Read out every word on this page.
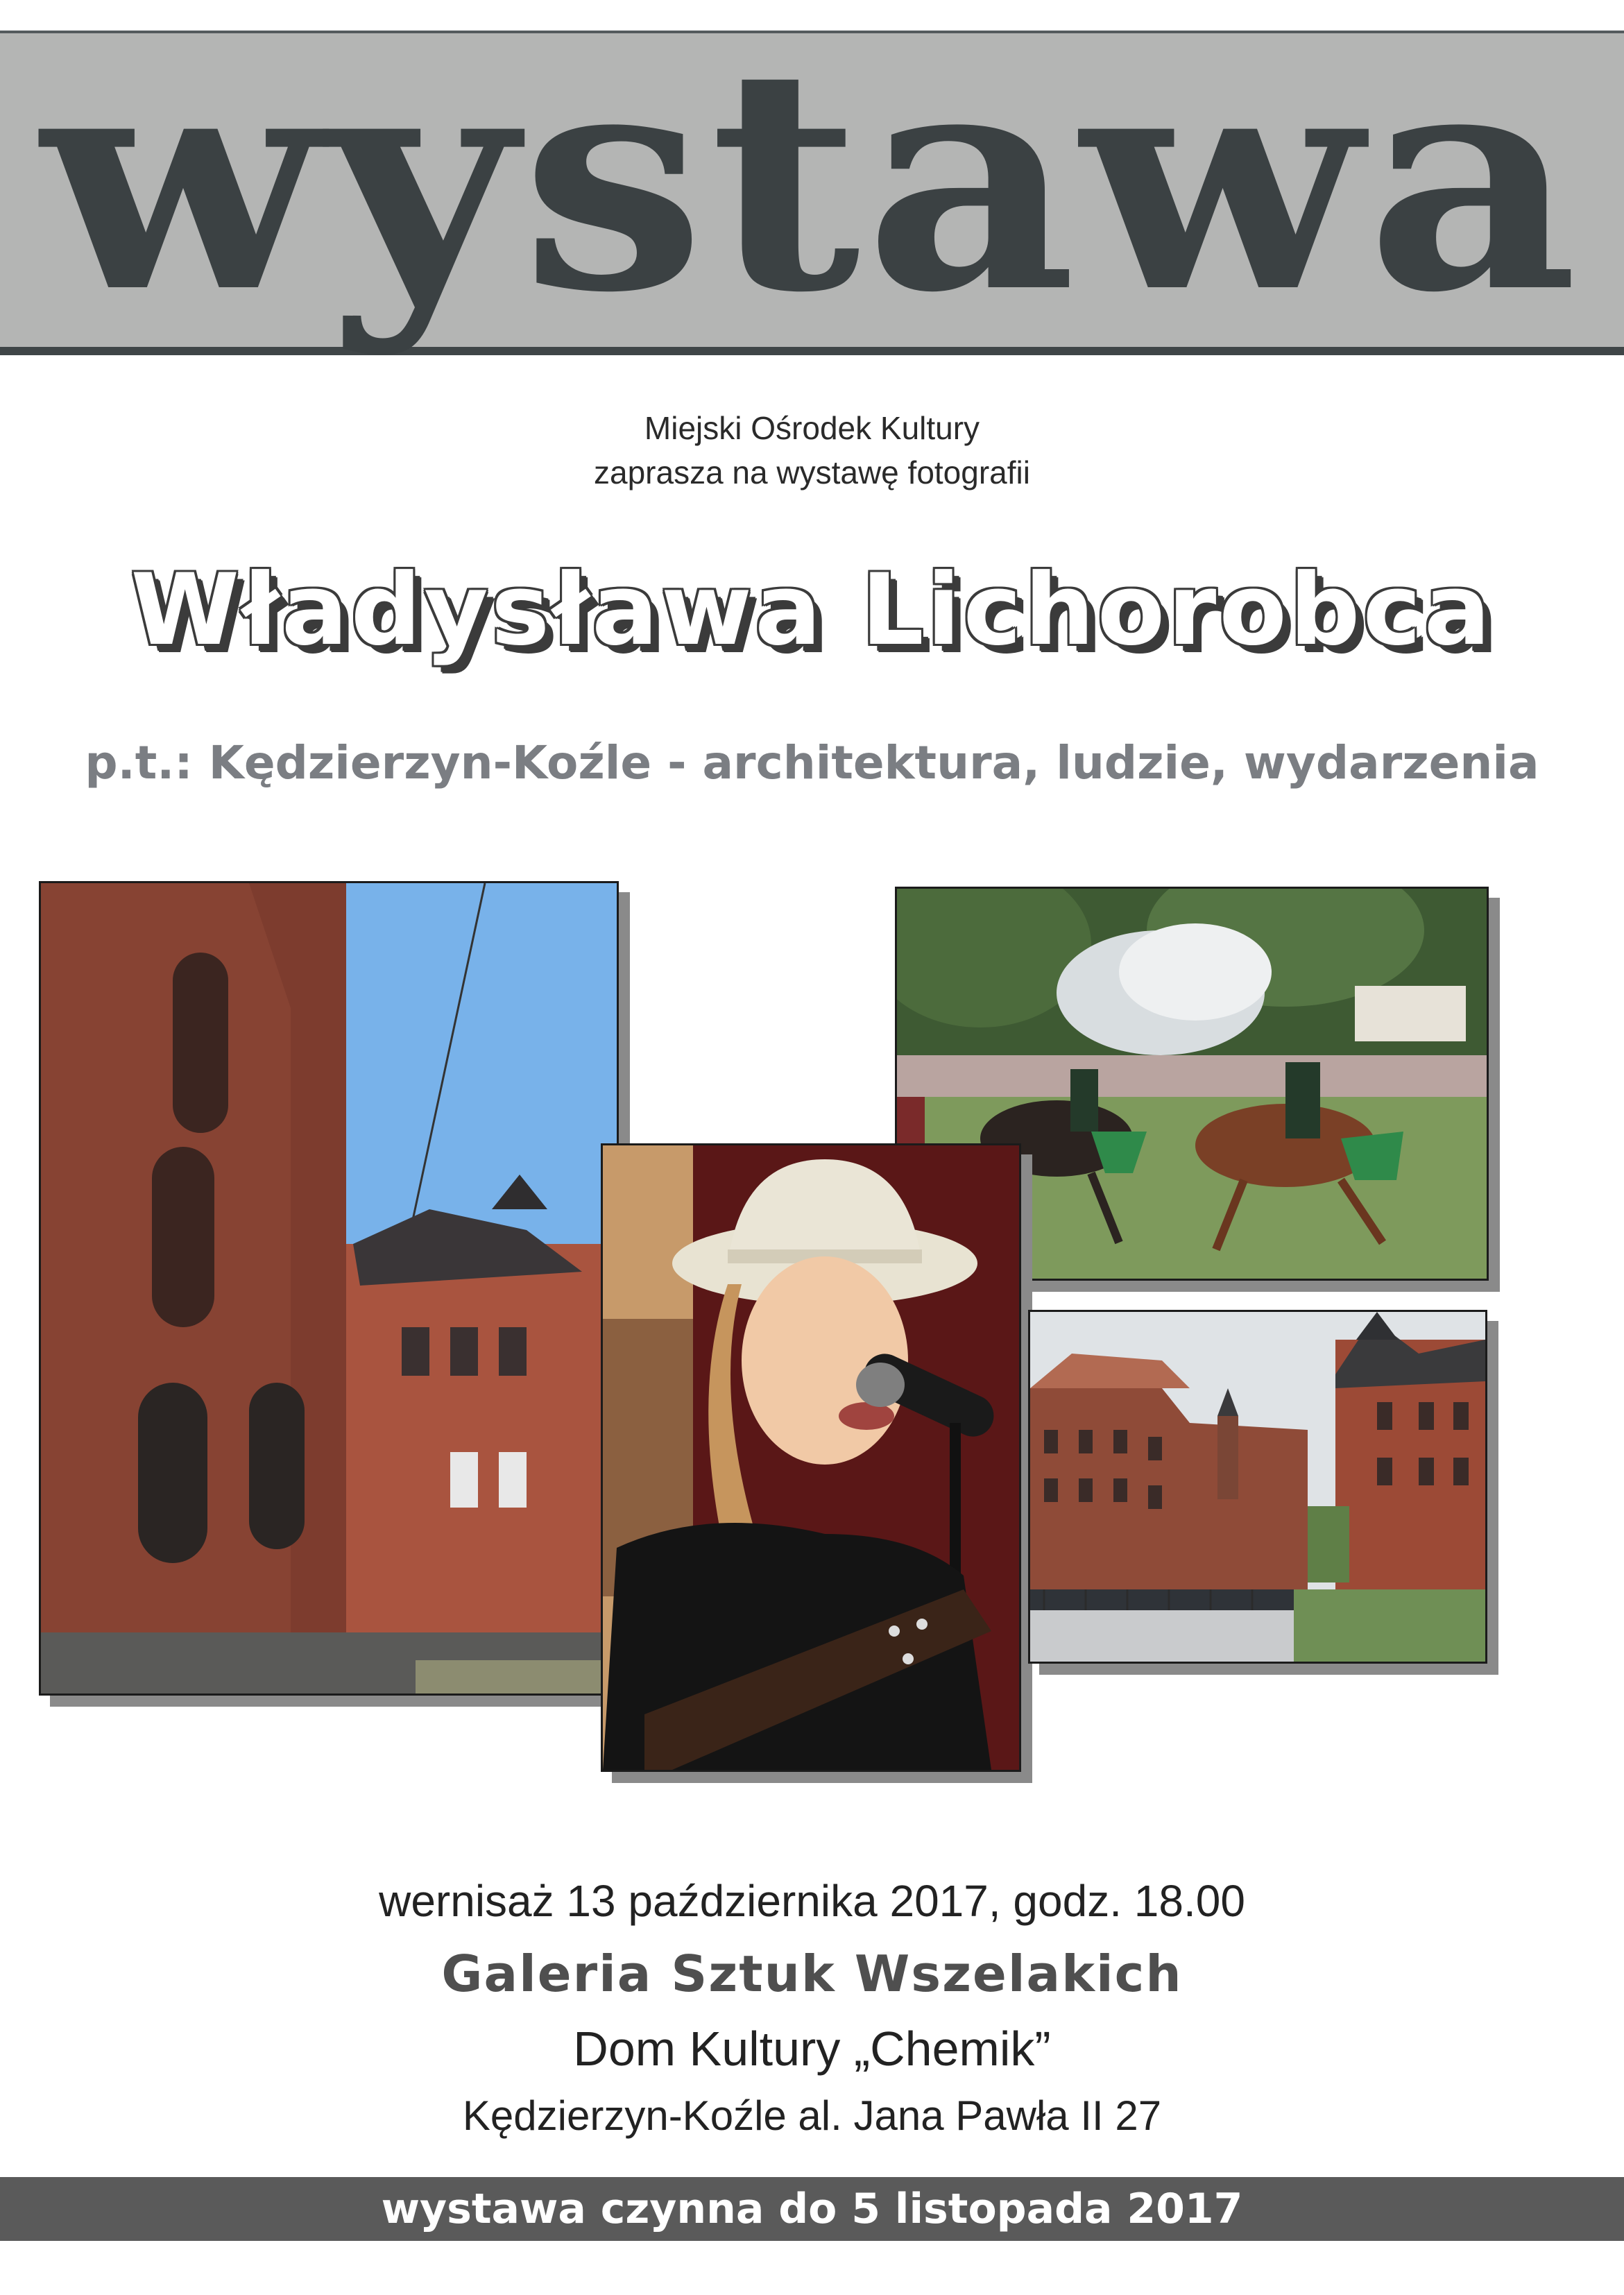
wystawa
Miejski Ośrodek Kultury
zaprasza na wystawę fotografii
Władysława Lichorobca
p.t.: Kędzierzyn-Koźle - architektura, ludzie, wydarzenia
wernisaż 13 października 2017, godz. 18.00
Galeria Sztuk Wszelakich
Dom Kultury „Chemik”
Kędzierzyn-Koźle al. Jana Pawła II 27
wystawa czynna do 5 listopada 2017
